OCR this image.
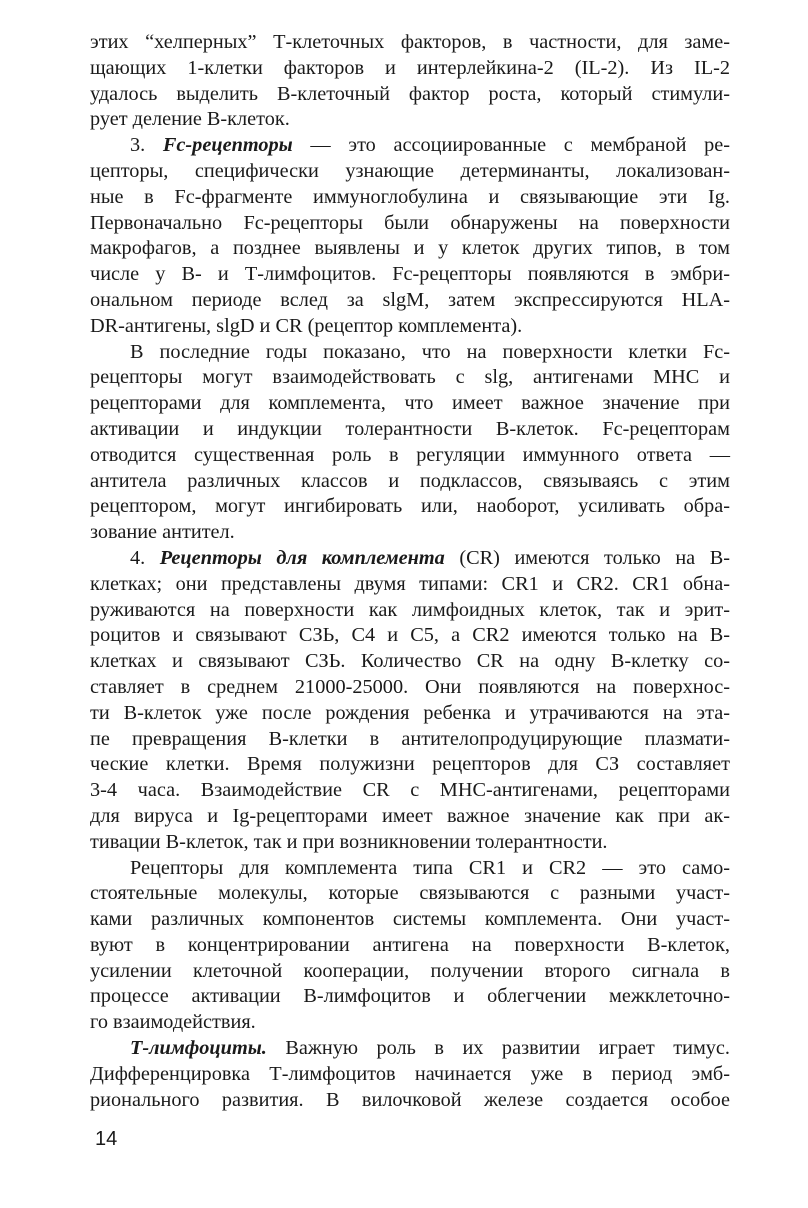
этих “хелперных” Т-клеточных факторов, в частности, для заме-
щающих 1-клетки факторов и интерлейкина-2 (IL-2). Из IL-2
удалось выделить В-клеточный фактор роста, который стимули-
рует деление В-клеток.
3. Fc-рецепторы — это ассоциированные с мембраной ре-
цепторы, специфически узнающие детерминанты, локализован-
ные в Fc-фрагменте иммуноглобулина и связывающие эти Ig.
Первоначально Fc-рецепторы были обнаружены на поверхности
макрофагов, а позднее выявлены и у клеток других типов, в том
числе у В- и Т-лимфоцитов. Fc-рецепторы появляются в эмбри-
ональном периоде вслед за slgM, затем экспрессируются HLA-
DR-антигены, slgD и CR (рецептор комплемента).
В последние годы показано, что на поверхности клетки Fc-
рецепторы могут взаимодействовать с slg, антигенами МНС и
рецепторами для комплемента, что имеет важное значение при
активации и индукции толерантности В-клеток. Fc-рецепторам
отводится существенная роль в регуляции иммунного ответа —
антитела различных классов и подклассов, связываясь с этим
рецептором, могут ингибировать или, наоборот, усиливать обра-
зование антител.
4. Рецепторы для комплемента (CR) имеются только на В-
клетках; они представлены двумя типами: CR1 и CR2. CR1 обна-
руживаются на поверхности как лимфоидных клеток, так и эрит-
роцитов и связывают СЗЬ, С4 и С5, а CR2 имеются только на В-
клетках и связывают СЗЬ. Количество CR на одну В-клетку со-
ставляет в среднем 21000-25000. Они появляются на поверхнос-
ти В-клеток уже после рождения ребенка и утрачиваются на эта-
пе превращения В-клетки в антителопродуцирующие плазмати-
ческие клетки. Время полужизни рецепторов для СЗ составляет
3-4 часа. Взаимодействие CR с МНС-антигенами, рецепторами
для вируса и Ig-рецепторами имеет важное значение как при ак-
тивации В-клеток, так и при возникновении толерантности.
Рецепторы для комплемента типа CR1 и CR2 — это само-
стоятельные молекулы, которые связываются с разными участ-
ками различных компонентов системы комплемента. Они участ-
вуют в концентрировании антигена на поверхности В-клеток,
усилении клеточной кооперации, получении второго сигнала в
процессе активации В-лимфоцитов и облегчении межклеточно-
го взаимодействия.
Т-лимфоциты. Важную роль в их развитии играет тимус.
Дифференцировка Т-лимфоцитов начинается уже в период эмб-
рионального развития. В вилочковой железе создается особое
14
